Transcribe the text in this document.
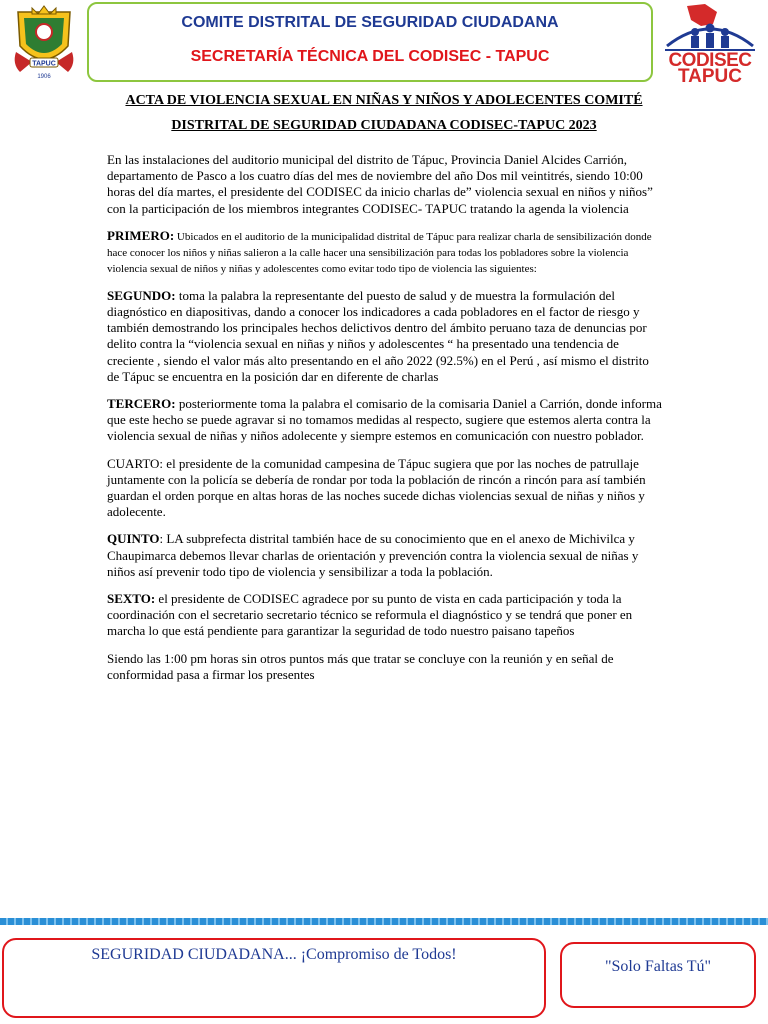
TAPUC
1906
COMITE DISTRITAL DE SEGURIDAD CIUDADANA
SECRETARÍA TÉCNICA DEL CODISEC - TAPUC	CODISEC
TAPUC
ACTA DE VIOLENCIA SEXUAL EN NIÑAS Y NIÑOS Y ADOLECENTES COMITÉ
DISTRITAL DE SEGURIDAD CIUDADANA CODISEC-TAPUC 2023

En las instalaciones del auditorio municipal del distrito de Tápuc, Provincia Daniel Alcides Carrión, departamento de Pasco a los cuatro días del mes de noviembre del año Dos mil veintitrés, siendo 10:00 horas del día martes, el presidente del CODISEC da inicio charlas de” violencia sexual en niños y niños” con la participación de los miembros integrantes CODISEC- TAPUC tratando la agenda la violencia

PRIMERO: Ubicados en el auditorio de la municipalidad distrital de Tápuc para realizar charla de sensibilización donde hace conocer los niños y niñas salieron a la calle hacer una sensibilización para todas los pobladores sobre la violencia violencia sexual de niños y niñas y adolescentes como evitar todo tipo de violencia las siguientes:

SEGUNDO: toma la palabra la representante del puesto de salud y de muestra la formulación del diagnóstico en diapositivas, dando a conocer los indicadores a cada pobladores en el factor de riesgo y también demostrando los principales hechos delictivos dentro del ámbito peruano taza de denuncias por delito contra la “violencia sexual en niñas y niños y adolescentes “ ha presentado una tendencia de creciente , siendo el valor más alto presentando en el año 2022 (92.5%) en el Perú , así mismo el distrito de Tápuc se encuentra en la posición dar en diferente de charlas

TERCERO: posteriormente toma la palabra el comisario de la comisaria Daniel a Carrión, donde informa que este hecho se puede agravar si no tomamos medidas al respecto, sugiere que estemos alerta contra la violencia sexual de niñas y niños adolecente y siempre estemos en comunicación con nuestro poblador.

CUARTO: el presidente de la comunidad campesina de Tápuc sugiera que por las noches de patrullaje juntamente con la policía se debería de rondar por toda la población de rincón a rincón para así también guardan el orden porque en altas horas de las noches sucede dichas violencias sexual de niñas y niños y adolecente.

QUINTO: LA subprefecta distrital también hace de su conocimiento que en el anexo de Michivilca y Chaupimarca debemos llevar charlas de orientación y prevención contra la violencia sexual de niñas y niños así prevenir todo tipo de violencia y sensibilizar a toda la población.

SEXTO: el presidente de CODISEC agradece por su punto de vista en cada participación y toda la coordinación con el secretario secretario técnico se reformula el diagnóstico y se tendrá que poner en marcha lo que está pendiente para garantizar la seguridad de todo nuestro paisano tapeños

Siendo las 1:00 pm horas sin otros puntos más que tratar se concluye con la reunión y en señal de conformidad pasa a firmar los presentes

SEGURIDAD CIUDADANA... ¡Compromiso de Todos!
"Solo Faltas Tú"
